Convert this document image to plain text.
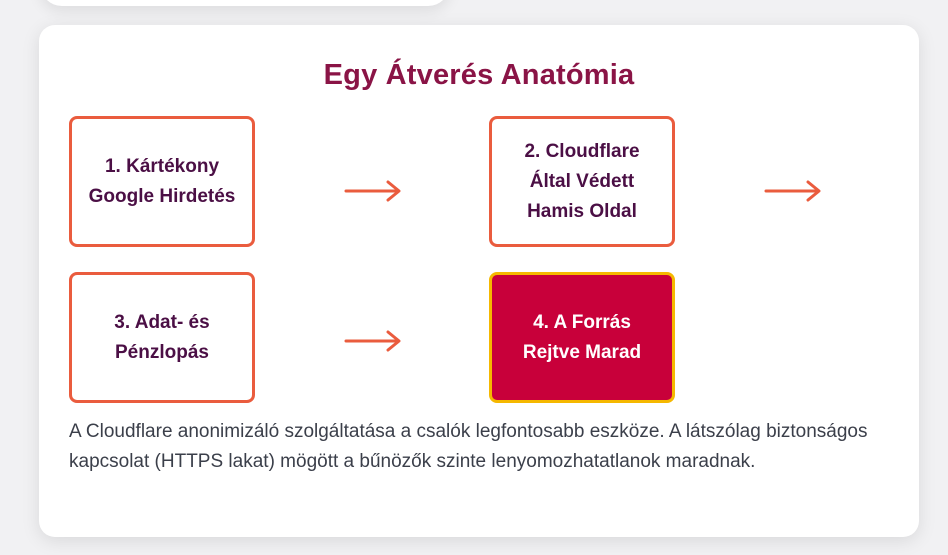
Egy Átverés Anatómia
1. Kártékony Google Hirdetés
2. Cloudflare Által Védett Hamis Oldal
3. Adat- és Pénzlopás
4. A Forrás Rejtve Marad

A Cloudflare anonimizáló szolgáltatása a csalók legfontosabb eszköze. A látszólag biztonságos kapcsolat (HTTPS lakat) mögött a bűnözők szinte lenyomozhatatlanok maradnak.
